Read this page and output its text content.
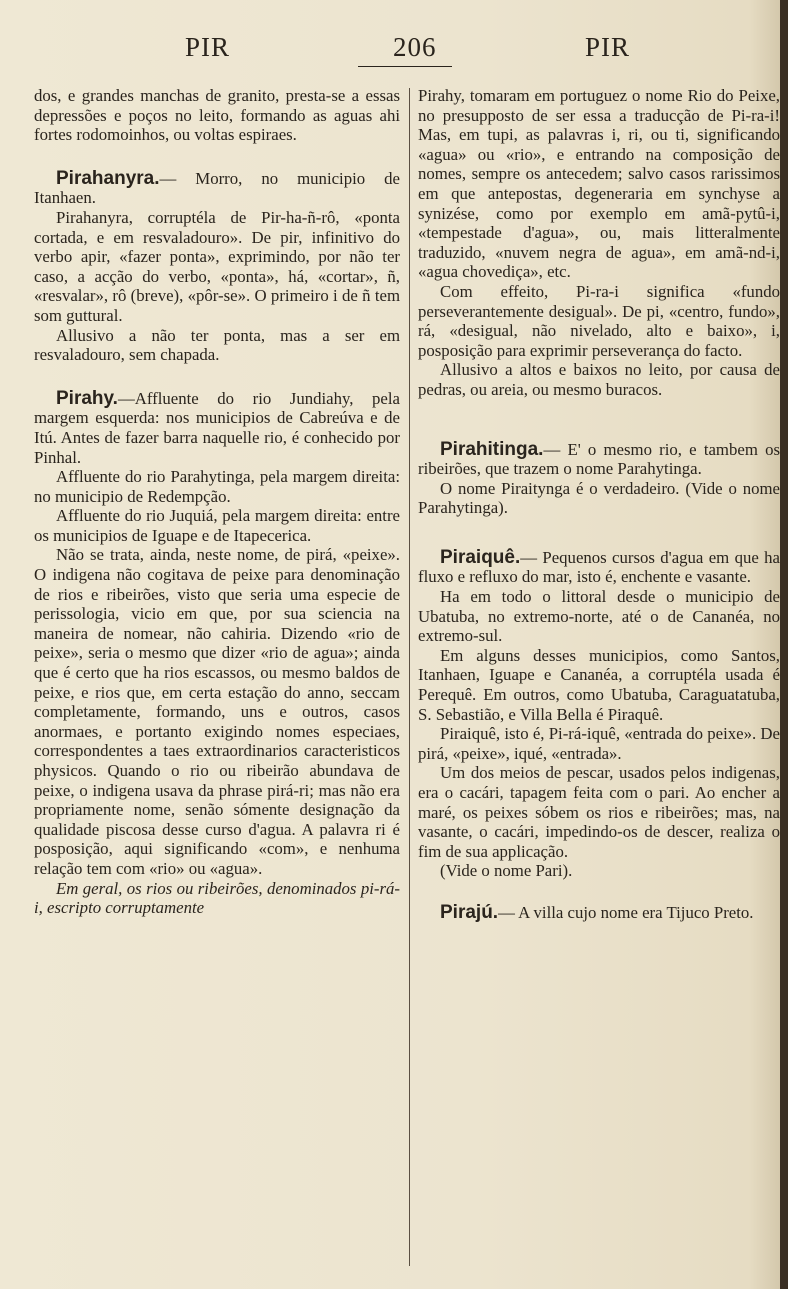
PIR	206	PIR

dos, e grandes manchas de granito, presta-se a essas depressões e poços no leito, formando as aguas ahi fortes rodomoinhos, ou voltas espiraes.

Pirahanyra.— Morro, no municipio de Itanhaen.

Pirahanyra, corruptéla de Pir-ha-ñ-rô, «ponta cortada, e em resvaladouro». De pir, infinitivo do verbo apir, «fazer ponta», exprimindo, por não ter caso, a acção do verbo, «ponta», há, «cortar», ñ, «resvalar», rô (breve), «pôr-se». O primeiro i de ñ tem som guttural.

Allusivo a não ter ponta, mas a ser em resvaladouro, sem chapada.

Pirahy.—Affluente do rio Jundiahy, pela margem esquerda: nos municipios de Cabreúva e de Itú. Antes de fazer barra naquelle rio, é conhecido por Pinhal.

Affluente do rio Parahytinga, pela margem direita: no municipio de Redempção.

Affluente do rio Juquiá, pela margem direita: entre os municipios de Iguape e de Itapecerica.

Não se trata, ainda, neste nome, de pirá, «peixe». O indigena não cogitava de peixe para denominação de rios e ribeirões, visto que seria uma especie de perissologia, vicio em que, por sua sciencia na maneira de nomear, não cahiria. Dizendo «rio de peixe», seria o mesmo que dizer «rio de agua»; ainda que é certo que ha rios escassos, ou mesmo baldos de peixe, e rios que, em certa estação do anno, seccam completamente, formando, uns e outros, casos anormaes, e portanto exigindo nomes especiaes, correspondentes a taes extraordinarios caracteristicos physicos. Quando o rio ou ribeirão abundava de peixe, o indigena usava da phrase pirá-ri; mas não era propriamente nome, senão sómente designação da qualidade piscosa desse curso d'agua. A palavra ri é posposição, aqui significando «com», e nenhuma relação tem com «rio» ou «agua».

Em geral, os rios ou ribeirões, denominados pi-rá-i, escripto corruptamente

Pirahy, tomaram em portuguez o nome Rio do Peixe, no presupposto de ser essa a traducção de Pi-ra-i! Mas, em tupi, as palavras i, ri, ou ti, significando «agua» ou «rio», e entrando na composição de nomes, sempre os antecedem; salvo casos rarissimos em que antepostas, degeneraria em synchyse a synizése, como por exemplo em amã-pytû-i, «tempestade d'agua», ou, mais litteralmente traduzido, «nuvem negra de agua», em amã-nd-i, «agua chovediça», etc.

Com effeito, Pi-ra-i significa «fundo perseverantemente desigual». De pi, «centro, fundo», rá, «desigual, não nivelado, alto e baixo», i, posposição para exprimir perseverança do facto.

Allusivo a altos e baixos no leito, por causa de pedras, ou areia, ou mesmo buracos.

Pirahitinga.— E' o mesmo rio, e tambem os ribeirões, que trazem o nome Parahytinga.

O nome Piraitynga é o verdadeiro. (Vide o nome Parahytinga).

Piraiquê.— Pequenos cursos d'agua em que ha fluxo e refluxo do mar, isto é, enchente e vasante.

Ha em todo o littoral desde o municipio de Ubatuba, no extremo-norte, até o de Cananéa, no extremo-sul.

Em alguns desses municipios, como Santos, Itanhaen, Iguape e Cananéa, a corruptéla usada é Perequê. Em outros, como Ubatuba, Caraguatatuba, S. Sebastião, e Villa Bella é Piraquê.

Piraiquê, isto é, Pi-rá-iquê, «entrada do peixe». De pirá, «peixe», iqué, «entrada».

Um dos meios de pescar, usados pelos indigenas, era o cacári, tapagem feita com o pari. Ao encher a maré, os peixes sóbem os rios e ribeirões; mas, na vasante, o cacári, impedindo-os de descer, realiza o fim de sua applicação.

(Vide o nome Pari).

Pirajú.— A villa cujo nome era Tijuco Preto.
